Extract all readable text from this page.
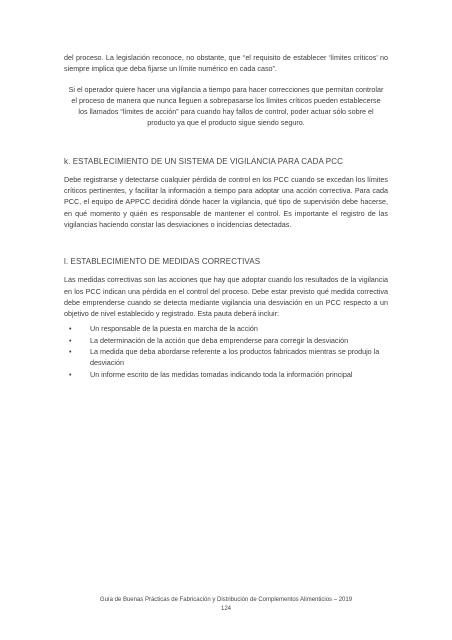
del proceso. La legislación reconoce, no obstante, que “el requisito de establecer ‘límites críticos’ no siempre implica que deba fijarse un límite numérico en cada caso”.

Si el operador quiere hacer una vigilancia a tiempo para hacer correcciones que permitan controlar el proceso de manera que nunca lleguen a sobrepasarse los límites críticos pueden establecerse los llamados “límites de acción” para cuando hay fallos de control, poder actuar sólo sobre el producto ya que el producto sigue siendo seguro.

k. ESTABLECIMIENTO DE UN SISTEMA DE VIGILANCIA PARA CADA PCC

Debe registrarse y detectarse cualquier pérdida de control en los PCC cuando se excedan los límites críticos pertinentes, y facilitar la información a tiempo para adoptar una acción correctiva. Para cada PCC, el equipo de APPCC decidirá dónde hacer la vigilancia, qué tipo de supervisión debe hacerse, en qué momento y quién es responsable de mantener el control. Es importante el registro de las vigilancias haciendo constar las desviaciones o incidencias detectadas.

l. ESTABLECIMIENTO DE MEDIDAS CORRECTIVAS

Las medidas correctivas son las acciones que hay que adoptar cuando los resultados de la vigilancia en los PCC indican una pérdida en el control del proceso. Debe estar previsto qué medida correctiva debe emprenderse cuando se detecta mediante vigilancia una desviación en un PCC respecto a un objetivo de nivel establecido y registrado. Esta pauta deberá incluir:

•	Un responsable de la puesta en marcha de la acción
•	La determinación de la acción que deba emprenderse para corregir la desviación
•	La medida que deba abordarse referente a los productos fabricados mientras se produjo la desviación
•	Un informe escrito de las medidas tomadas indicando toda la información principal
Guía de Buenas Prácticas de Fabricación y Distribución de Complementos Alimenticios – 2019
124
